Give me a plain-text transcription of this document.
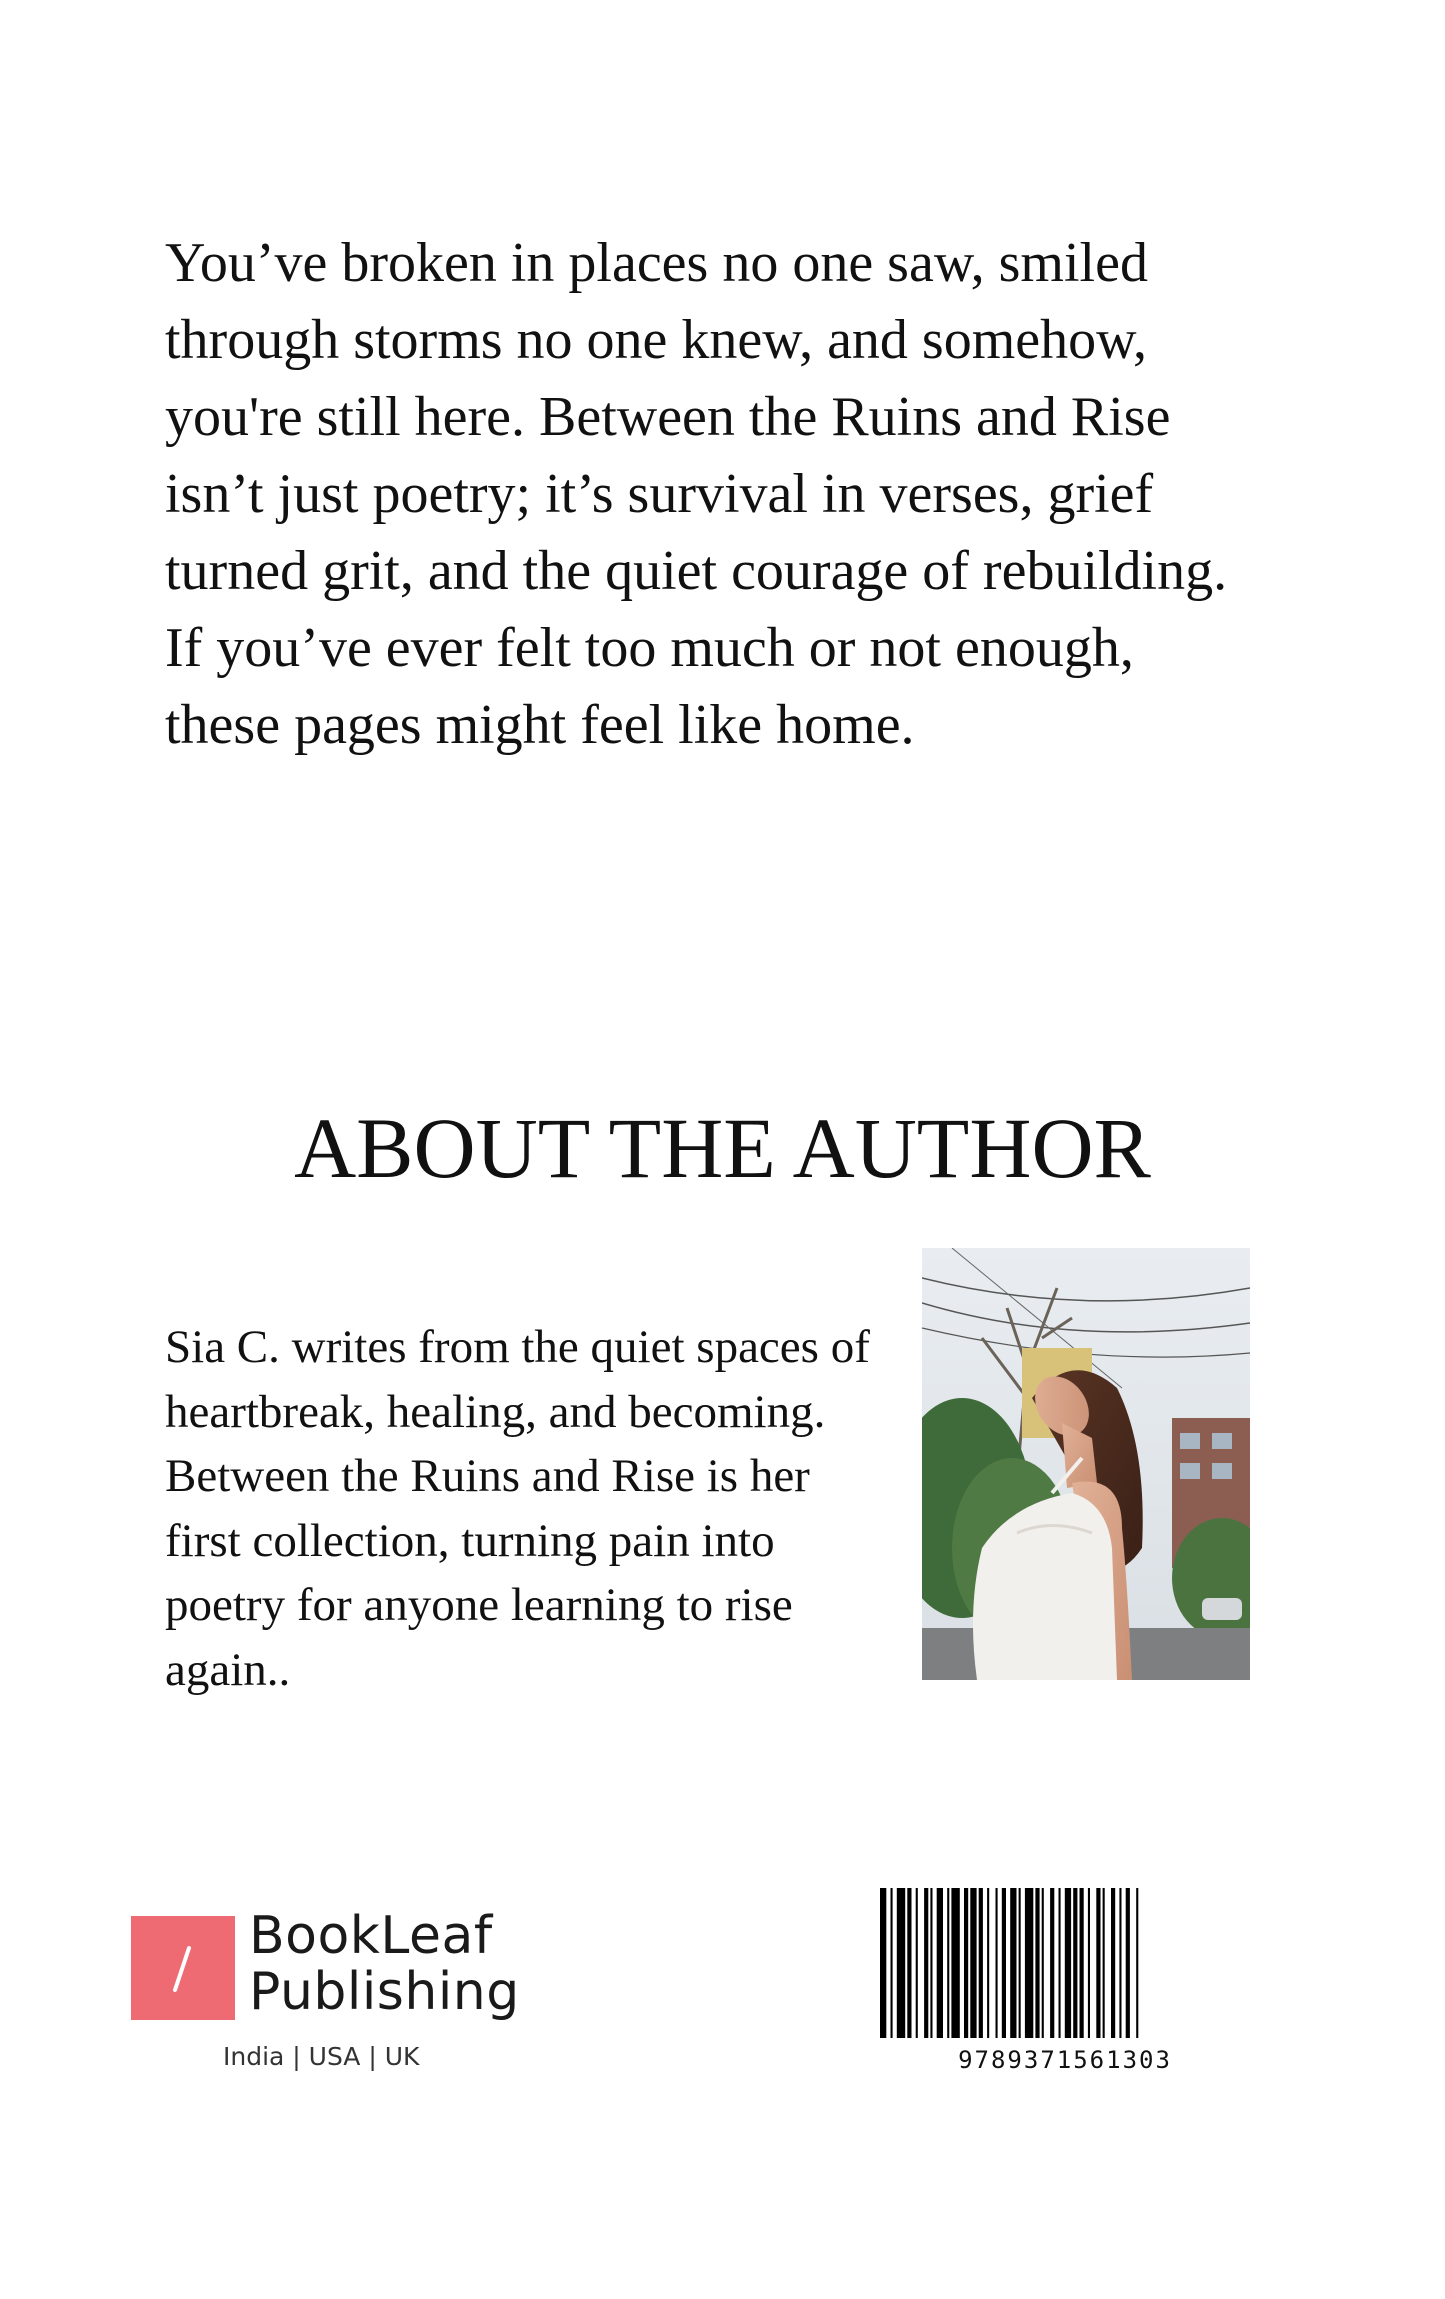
You’ve broken in places no one saw, smiled
through storms no one knew, and somehow,
you're still here. Between the Ruins and Rise
isn’t just poetry; it’s survival in verses, grief
turned grit, and the quiet courage of rebuilding.
If you’ve ever felt too much or not enough,
these pages might feel like home.

ABOUT THE AUTHOR

Sia C. writes from the quiet spaces of
heartbreak, healing, and becoming.
Between the Ruins and Rise is her
first collection, turning pain into
poetry for anyone learning to rise
again..

BookLeaf
Publishing
India | USA | UK	9789371561303
